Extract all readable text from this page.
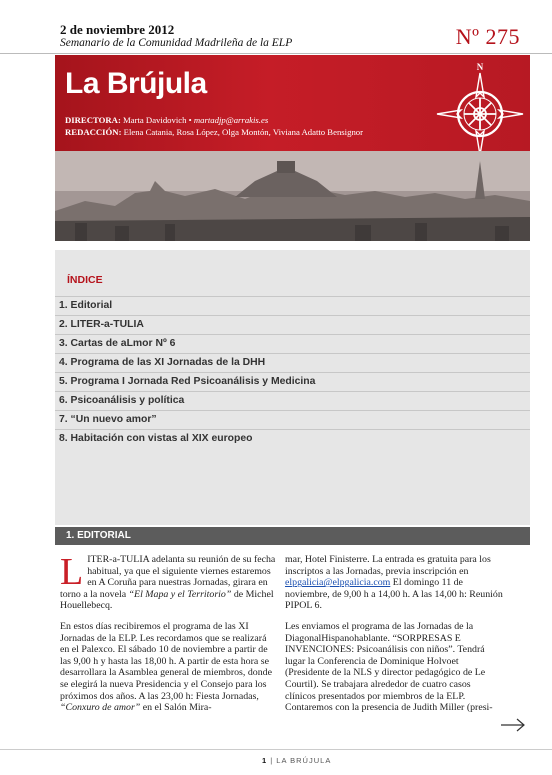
2 de noviembre 2012
Semanario de la Comunidad Madrileña de la ELP	Nº 275
La Brújula
DIRECTORA: Marta Davidovich • martadjp@arrakis.es
REDACCIÓN: Elena Catania, Rosa López, Olga Montón, Viviana Adatto Bensignor
N
ÍNDICE
1. Editorial
2. LITER-a-TULIA
3. Cartas de aLmor Nº 6
4. Programa de las XI Jornadas de la DHH
5. Programa I Jornada Red Psicoanálisis y Medicina
6. Psicoanálisis y política
7. “Un nuevo amor”
8. Habitación con vistas al XIX europeo
1. EDITORIAL

LITER-a-TULIA adelanta su reunión de su fecha habitual, ya que el siguiente viernes estaremos en A Coruña para nuestras Jornadas, girara en torno a la novela “El Mapa y el Territorio” de Michel Houellebecq.

En estos días recibiremos el programa de las XI Jornadas de la ELP. Les recordamos que se realizará en el Palexco. El sábado 10 de noviembre a partir de las 9,00 h y hasta las 18,00 h. A partir de esta hora se desarrollara la Asamblea general de miembros, donde se elegirá la nueva Presidencia y el Consejo para los próximos dos años. A las 23,00 h: Fiesta Jornadas, “Conxuro de amor” en el Salón Mira-

mar, Hotel Finisterre. La entrada es gratuita para los inscriptos a las Jornadas, previa inscripción en elpgalicia@elpgalicia.com El domingo 11 de noviembre, de 9,00 h a 14,00 h. A las 14,00 h: Reunión PIPOL 6.

Les enviamos el programa de las Jornadas de la DiagonalHispanohablante. “SORPRESAS E INVENCIONES: Psicoanálisis con niños”. Tendrá lugar la Conferencia de Dominique Holvoet (Presidente de la NLS y director pedagógico de Le Courtil). Se trabajara alrededor de cuatro casos clínicos presentados por miembros de la ELP. Contaremos con la presencia de Judith Miller (presi-

1 | LA BRÚJULA
